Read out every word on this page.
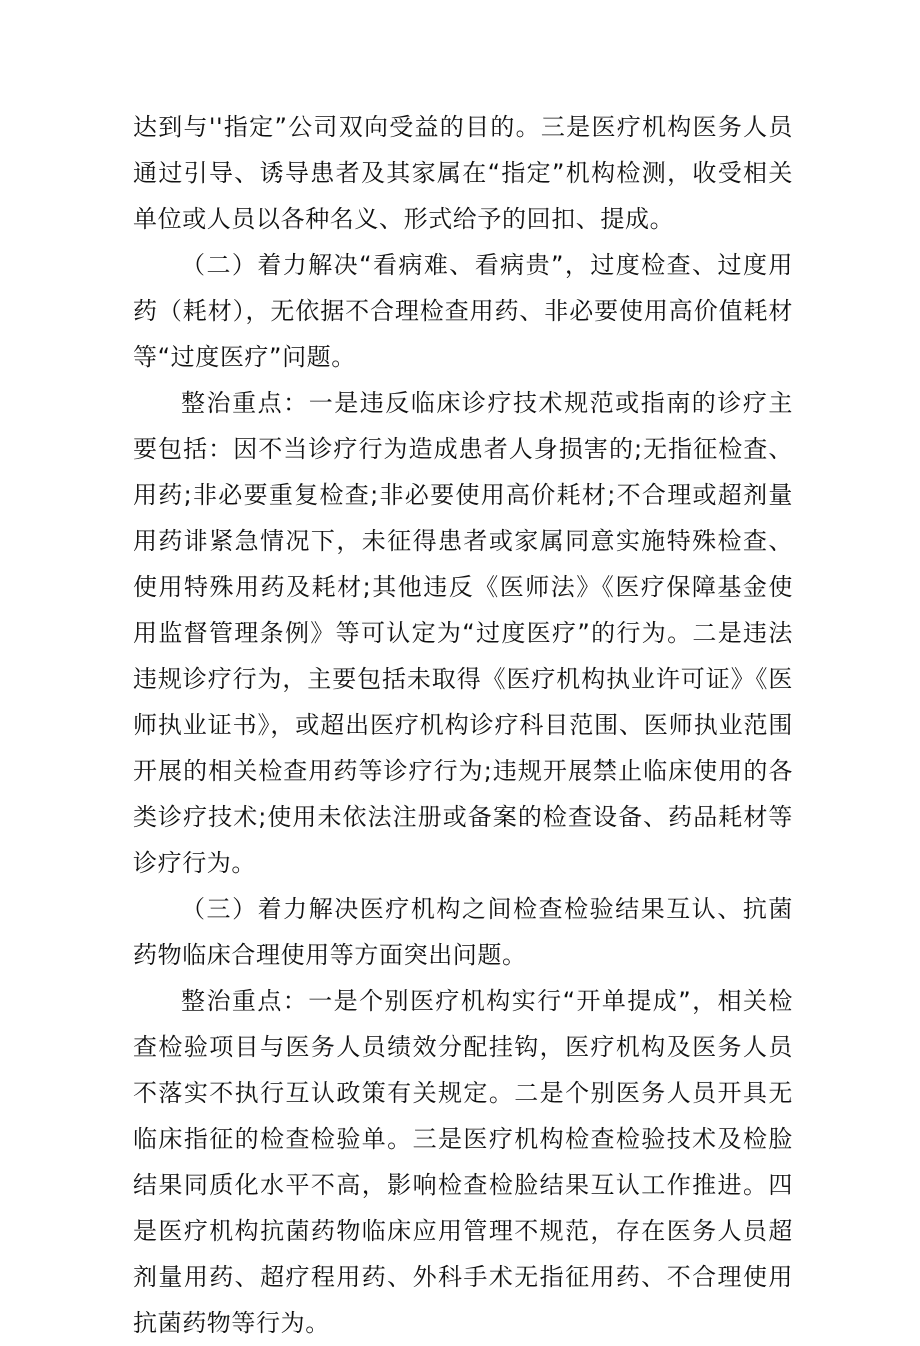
达到与''指定”公司双向受益的目的。三是医疗机构医务人员通过引导、诱导患者及其家属在“指定”机构检测，收受相关单位或人员以各种名义、形式给予的回扣、提成。

（二）着力解决“看病难、看病贵”，过度检查、过度用药（耗材），无依据不合理检查用药、非必要使用高价值耗材等“过度医疗”问题。

整治重点：一是违反临床诊疗技术规范或指南的诊疗主要包括：因不当诊疗行为造成患者人身损害的;无指征检査、用药;非必要重复检查;非必要使用高价耗材;不合理或超剂量用药诽紧急情况下，未征得患者或家属同意实施特殊检查、使用特殊用药及耗材;其他违反《医师法》《医疗保障基金使用监督管理条例》等可认定为“过度医疗”的行为。二是违法违规诊疗行为，主要包括未取得《医疗机构执业许可证》《医师执业证书》，或超出医疗机构诊疗科目范围、医师执业范围开展的相关检查用药等诊疗行为;违规开展禁止临床使用的各类诊疗技术;使用未依法注册或备案的检查设备、药品耗材等诊疗行为。

（三）着力解决医疗机构之间检查检验结果互认、抗菌药物临床合理使用等方面突出问题。

整治重点：一是个别医疗机构实行“开单提成”，相关检查检验项目与医务人员绩效分配挂钩，医疗机构及医务人员不落实不执行互认政策有关规定。二是个别医务人员开具无临床指征的检查检验单。三是医疗机构检查检验技术及检脸结果同质化水平不高，影响检查检脸结果互认工作推进。四是医疗机构抗菌药物临床应用管理不规范，存在医务人员超剂量用药、超疗程用药、外科手术无指征用药、不合理使用抗菌药物等行为。
